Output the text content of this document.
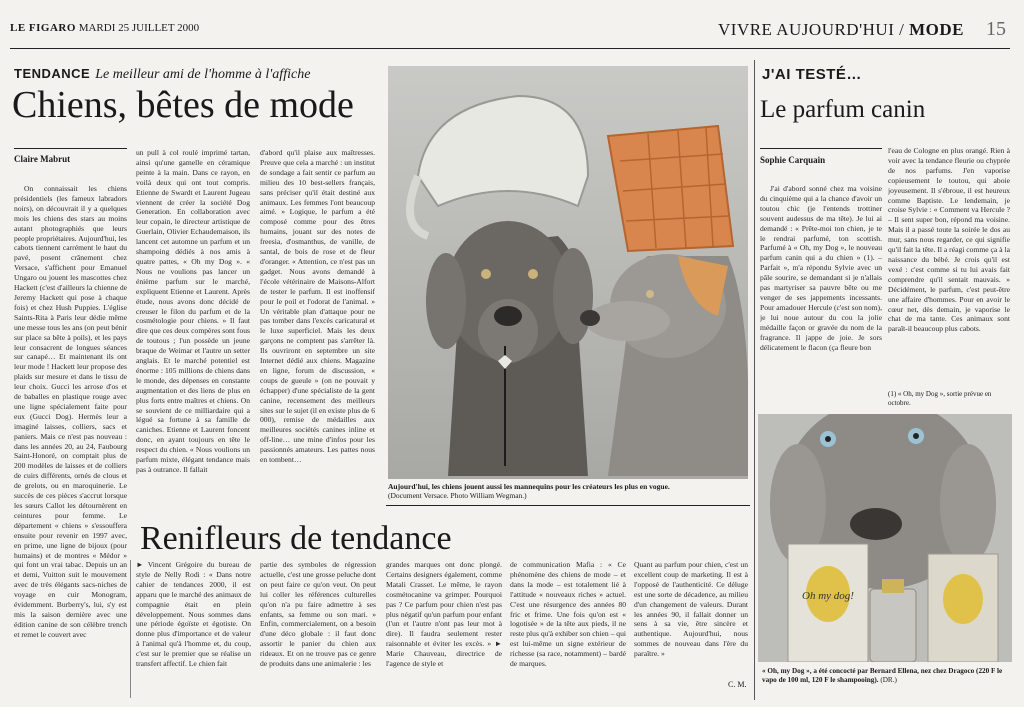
LE FIGARO MARDI 25 JUILLET 2000	VIVRE AUJOURD'HUI / MODE 15
TENDANCE Le meilleur ami de l'homme à l'affiche
Chiens, bêtes de mode
Claire Mabrut

On connaissait les chiens présidentiels (les fameux labradors noirs), on découvrait il y a quelques mois les chiens des stars au moins autant photographiés que leurs people propriétaires. Aujourd'hui, les cabots tiennent carrément le haut du pavé, posent crânement chez Versace, s'affichent pour Emanuel Ungaro ou jouent les mascottes chez Hackett (c'est d'ailleurs la chienne de Jeremy Hackett qui pose à chaque fois) et chez Hush Puppies. L'église Saints-Rita à Paris leur dédie même une messe tous les ans (on peut bénir sur place sa bête à poils), et les pays leur consacrent de longues séances sur canapé… Et maintenant ils ont leur mode ! Hackett leur propose des plaids sur mesure et dans le tissu de leur choix. Gucci les arrose d'os et de baballes en plastique rouge avec une ligne spécialement faite pour eux (Gucci Dog). Hermès leur a imaginé laisses, colliers, sacs et paniers. Mais ce n'est pas nouveau : dans les années 20, au 24, Faubourg Saint-Honoré, on comptait plus de 200 modèles de laisses et de colliers de cuirs différents, ornés de clous et de grelots, ou en maroquinerie. Le succès de ces pièces s'accrut lorsque les sœurs Callot les détournèrent en ceintures pour femme. Le département « chiens » s'essouffera ensuite pour revenir en 1997 avec, en prime, une ligne de bijoux (pour humains) et de montres « Médor » qui font un vrai tabac. Depuis un an et demi, Vuitton suit le mouvement avec de très élégants sacs-niches de voyage en cuir Monogram, évidemment. Burberry's, lui, s'y est mis la saison dernière avec une édition canine de son célèbre trench et remet le couvert avec

un pull à col roulé imprimé tartan, ainsi qu'une gamelle en céramique peinte à la main. Dans ce rayon, en voilà deux qui ont tout compris. Etienne de Swardt et Laurent Jugeau viennent de créer la société Dog Generation. En collaboration avec leur copain, le directeur artistique de Guerlain, Olivier Echaudemaison, ils lancent cet automne un parfum et un shampoing dédiés à nos amis à quatre pattes, « Oh my Dog ». « Nous ne voulions pas lancer un énième parfum sur le marché, expliquent Etienne et Laurent. Après étude, nous avons donc décidé de creuser le filon du parfum et de la cosmétologie pour chiens. » Il faut dire que ces deux compères sont fous de toutous ; l'un possède un jeune braque de Weimar et l'autre un setter anglais. Et le marché potentiel est énorme : 105 millions de chiens dans le monde, des dépenses en constante augmentation et des liens de plus en plus forts entre maîtres et chiens. On se souvient de ce milliardaire qui a légué sa fortune à sa famille de caniches. Etienne et Laurent foncent donc, en ayant toujours en tête le respect du chien. « Nous voulions un parfum mixte, élégant tendance mais pas à outrance. Il fallait

d'abord qu'il plaise aux maîtresses. Preuve que cela a marché : un institut de sondage a fait sentir ce parfum au milieu des 10 best-sellers français, sans préciser qu'il était destiné aux animaux. Les femmes l'ont beaucoup aimé. » Logique, le parfum a été composé comme pour des êtres humains, jouant sur des notes de freesia, d'osmanthus, de vanille, de santal, de bois de rose et de fleur d'oranger. « Attention, ce n'est pas un gadget. Nous avons demandé à l'école vétérinaire de Maisons-Alfort de tester le parfum. Il est inoffensif pour le poil et l'odorat de l'animal. » Un véritable plan d'attaque pour ne pas tomber dans l'excès caricatural et le luxe superficiel. Mais les deux garçons ne comptent pas s'arrêter là. Ils ouvriront en septembre un site Internet dédié aux chiens. Magazine en ligne, forum de discussion, « coups de gueule » (on ne pouvait y échapper) d'une spécialiste de la gent canine, recensement des meilleurs sites sur le sujet (il en existe plus de 6 000), remise de médailles aux meilleures sociétés canines inline et off-line… une mine d'infos pour les passionnés amateurs. Les pattes nous en tombent…

Aujourd'hui, les chiens jouent aussi les mannequins pour les créateurs les plus en vogue.
(Document Versace. Photo William Wegman.)
Renifleurs de tendance

► Vincent Grégoire du bureau de style de Nelly Rodi : « Dans notre cahier de tendances 2000, il est apparu que le marché des animaux de compagnie était en plein développement. Nous sommes dans une période égoïste et égotiste. On donne plus d'importance et de valeur à l'animal qu'à l'homme et, du coup, c'est sur le premier que se réalise un transfert affectif. Le chien fait

partie des symboles de régression actuelle, c'est une grosse peluche dont on peut faire ce qu'on veut. On peut lui coller les références culturelles qu'on n'a pu faire admettre à ses enfants, sa femme ou son mari. » Enfin, commercialement, on a besoin d'une déco globale : il faut donc assortir le panier du chien aux rideaux. Et on ne trouve pas ce genre de produits dans une animalerie : les

grandes marques ont donc plongé. Certains designers également, comme Matali Crasset. Le même, le rayon cosmétocanine va grimper. Pourquoi pas ? Ce parfum pour chien n'est pas plus négatif qu'un parfum pour enfant (l'un et l'autre n'ont pas leur mot à dire). Il faudra seulement rester raisonnable et éviter les excès. » ► Marie Chauveau, directrice de l'agence de style et

de communication Mafia : « Ce phénomène des chiens de mode – et dans la mode – est totalement lié à l'attitude « nouveaux riches » actuel. C'est une résurgence des années 80 fric et frime. Une fois qu'on est « logotisée » de la tête aux pieds, il ne reste plus qu'à exhiber son chien – qui est lui-même un signe extérieur de richesse (sa race, notamment) – bardé de marques.

Quant au parfum pour chien, c'est un excellent coup de marketing. Il est à l'opposé de l'authenticité. Ce déluge est une sorte de décadence, au milieu d'un changement de valeurs. Durant les années 90, il fallait donner un sens à sa vie, être sincère et authentique. Aujourd'hui, nous sommes de nouveau dans l'ère du paraître. »

C. M.
J'AI TESTÉ…
Le parfum canin
Sophie Carquain

J'ai d'abord sonné chez ma voisine du cinquième qui a la chance d'avoir un toutou chic (je l'entends trottiner souvent audessus de ma tête). Je lui ai demandé : « Prête-moi ton chien, je te le rendrai parfumé, ton scottish. Parfumé à « Oh, my Dog », le nouveau parfum canin qui a du chien » (1). – Parfait », m'a répondu Sylvie avec un pâle sourire, se demandant si je n'allais pas martyriser sa pauvre bête ou me venger de ses jappements incessants. Pour amadouer Hercule (c'est son nom), je lui noue autour du cou la jolie médaille façon or gravée du nom de la fragrance. Il jappe de joie. Je sors délicatement le flacon (ça fleure bon

l'eau de Cologne en plus orangé. Rien à voir avec la tendance fleurie ou chyprée de nos parfums. J'en vaporise copieusement le toutou, qui aboie joyeusement. Il s'ébroue, il est heureux comme Baptiste. Le lendemain, je croise Sylvie : « Comment va Hercule ? – Il sent super bon, répond ma voisine. Mais il a passé toute la soirée le dos au mur, sans nous regarder, ce qui signifie qu'il fait la tête. Il a réagi comme ça à la naissance du bébé. Je crois qu'il est vexé : c'est comme si tu lui avais fait comprendre qu'il sentait mauvais. » Décidément, le parfum, c'est peut-être une affaire d'hommes. Pour en avoir le cœur net, dès demain, je vaporise le chat de ma tante. Ces animaux sont paraît-il beaucoup plus cabots.

(1) « Oh, my Dog », sortie prévue en octobre.
Oh my dog!
« Oh, my Dog », a été concocté par Bernard Ellena, nez chez Dragoco (220 F le vapo de 100 ml, 120 F le shampooing). (DR.)
